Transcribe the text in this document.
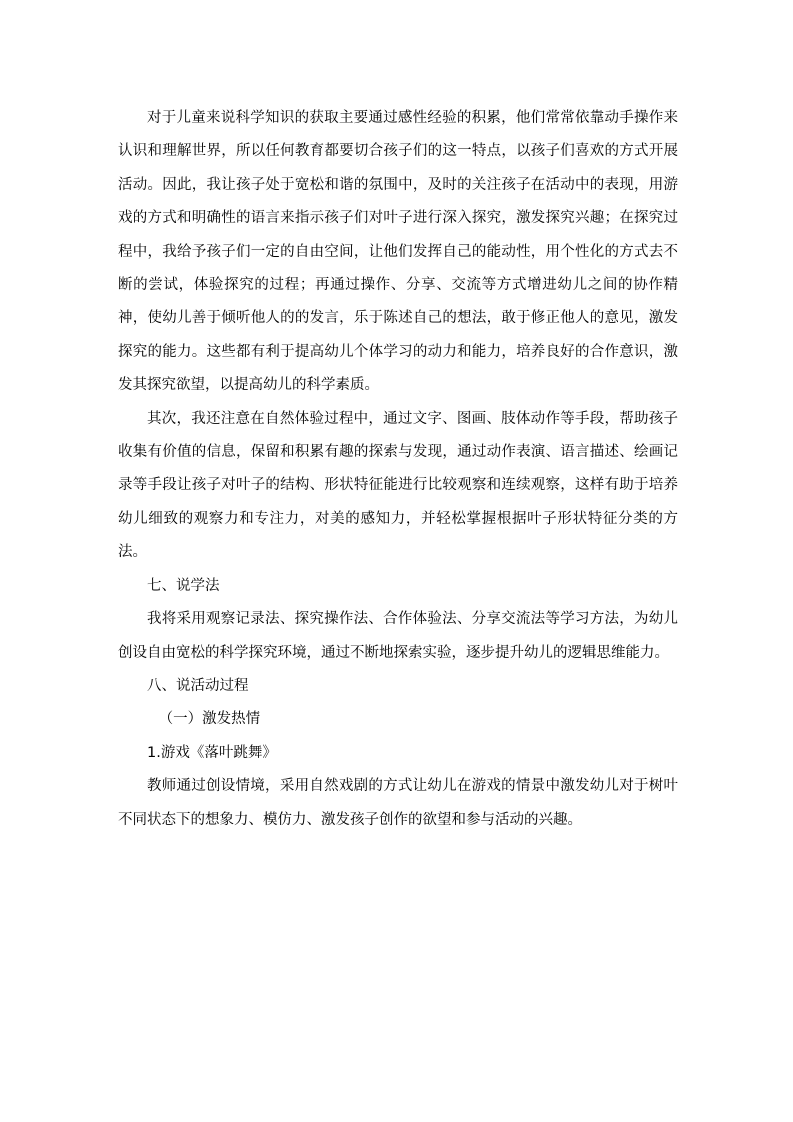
对于儿童来说科学知识的获取主要通过感性经验的积累，他们常常依靠动手操作来认识和理解世界，所以任何教育都要切合孩子们的这一特点，以孩子们喜欢的方式开展活动。因此，我让孩子处于宽松和谐的氛围中，及时的关注孩子在活动中的表现，用游戏的方式和明确性的语言来指示孩子们对叶子进行深入探究，激发探究兴趣；在探究过程中，我给予孩子们一定的自由空间，让他们发挥自己的能动性，用个性化的方式去不断的尝试，体验探究的过程；再通过操作、分享、交流等方式增进幼儿之间的协作精神，使幼儿善于倾听他人的的发言，乐于陈述自己的想法，敢于修正他人的意见，激发探究的能力。这些都有利于提高幼儿个体学习的动力和能力，培养良好的合作意识，激发其探究欲望，以提高幼儿的科学素质。

其次，我还注意在自然体验过程中，通过文字、图画、肢体动作等手段，帮助孩子收集有价值的信息，保留和积累有趣的探索与发现，通过动作表演、语言描述、绘画记录等手段让孩子对叶子的结构、形状特征能进行比较观察和连续观察，这样有助于培养幼儿细致的观察力和专注力，对美的感知力，并轻松掌握根据叶子形状特征分类的方法。

七、说学法

我将采用观察记录法、探究操作法、合作体验法、分享交流法等学习方法，为幼儿创设自由宽松的科学探究环境，通过不断地探索实验，逐步提升幼儿的逻辑思维能力。

八、说活动过程

（一）激发热情

1.游戏《落叶跳舞》

教师通过创设情境，采用自然戏剧的方式让幼儿在游戏的情景中激发幼儿对于树叶不同状态下的想象力、模仿力、激发孩子创作的欲望和参与活动的兴趣。
